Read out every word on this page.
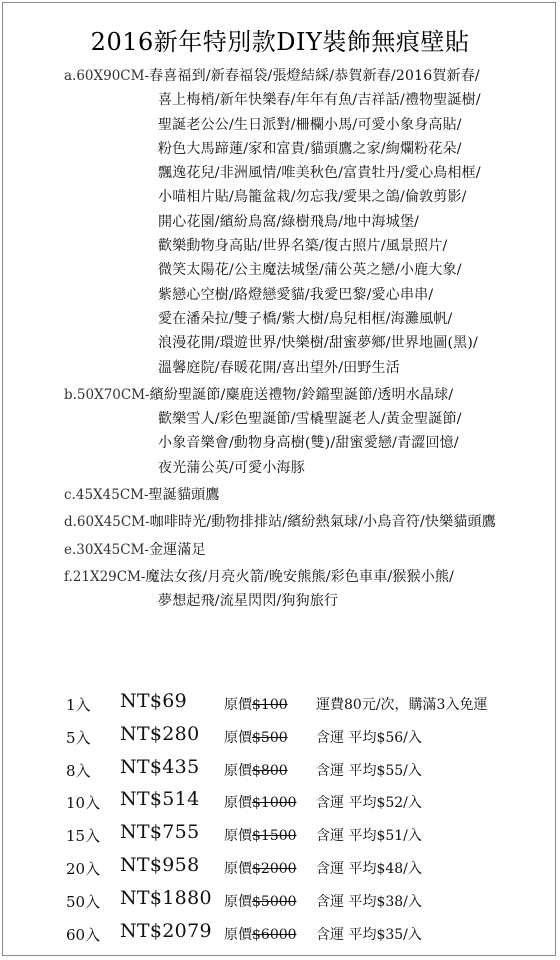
2016新年特別款DIY裝飾無痕壁貼
a.60X90CM- 春喜福到/新春福袋/張燈結綵/恭賀新春/2016賀新春/
喜上梅梢/新年快樂春/年年有魚/吉祥話/禮物聖誕樹/
聖誕老公公/生日派對/柵欄小馬/可愛小象身高貼/
粉色大馬蹄蓮/家和富貴/貓頭鷹之家/絢爛粉花朵/
飄逸花兒/非洲風情/唯美秋色/富貴牡丹/愛心鳥相框/
小喵相片貼/鳥籠盆栽/勿忘我/愛果之鴿/倫敦剪影/
開心花園/繽紛鳥窩/綠樹飛鳥/地中海城堡/
歡樂動物身高貼/世界名築/復古照片/風景照片/
微笑太陽花/公主魔法城堡/蒲公英之戀/小鹿大象/
紫戀心空樹/路燈戀愛貓/我愛巴黎/愛心串串/
愛在潘朵拉/雙子橋/紫大樹/鳥兒相框/海灘風帆/
浪漫花開/環遊世界/快樂樹/甜蜜夢鄉/世界地圖(黑)/
溫馨庭院/春暖花開/喜出望外/田野生活
b.50X70CM- 繽紛聖誕節/麋鹿送禮物/鈴鐺聖誕節/透明水晶球/
歡樂雪人/彩色聖誕節/雪橇聖誕老人/黃金聖誕節/
小象音樂會/動物身高樹(雙)/甜蜜愛戀/青澀回憶/
夜光蒲公英/可愛小海豚
c.45X45CM- 聖誕貓頭鷹
d.60X45CM- 咖啡時光/動物排排站/繽紛熱氣球/小鳥音符/快樂貓頭鷹
e.30X45CM- 金運滿足
f.21X29CM- 魔法女孩/月亮火箭/晚安熊熊/彩色車車/猴猴小熊/
夢想起飛/流星閃閃/狗狗旅行
1入 NT$69	原價$100 運費80元/次，購滿3入免運
5入 NT$280 原價$500 含運 平均$56/入
8入 NT$435 原價$800 含運 平均$55/入
10入 NT$514 原價$1000 含運 平均$52/入
15入 NT$755 原價$1500 含運 平均$51/入
20入 NT$958 原價$2000 含運 平均$48/入
50入 NT$1880 原價$5000 含運 平均$38/入
60入 NT$2079 原價$6000 含運 平均$35/入
